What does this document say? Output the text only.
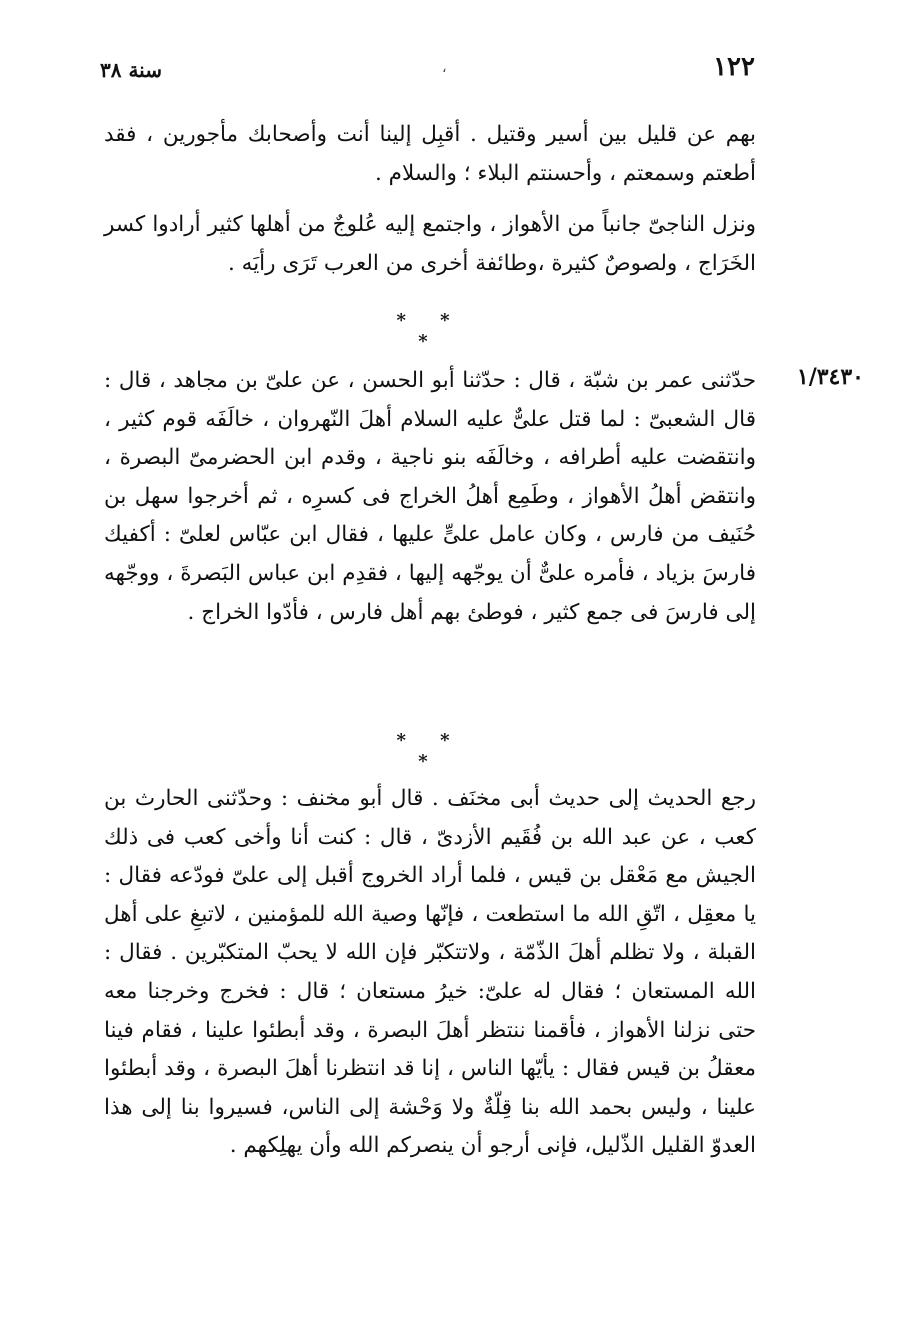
١٢٢
،
سنة ٣٨

بهم عن قليل بين أسير وقتيل . أقبِل إلينا أنت وأصحابك مأجورين ، فقد أطعتم وسمعتم ، وأحسنتم البلاء ؛ والسلام .

ونزل الناجىّ جانباً من الأهواز ، واجتمع إليه عُلوجٌ من أهلها كثير أرادوا كسر الخَرَاج ، ولصوصٌ كثيرة ،وطائفة أخرى من العرب تَرَى رأيَه .

* * *
١/٣٤٣٠

حدّثنى عمر بن شبّة ، قال : حدّثنا أبو الحسن ، عن علىّ بن مجاهد ، قال : قال الشعبىّ : لما قتل علىٌّ عليه السلام أهلَ النّهروان ، خالَفَه قوم كثير ، وانتقضت عليه أطرافه ، وخالَفَه بنو ناجية ، وقدم ابن الحضرمىّ البصرة ، وانتقض أهلُ الأهواز ، وطَمِع أهلُ الخراج فى كسرِه ، ثم أخرجوا سهل بن حُنَيف من فارس ، وكان عامل علىٍّ عليها ، فقال ابن عبّاس لعلىّ : أكفيك فارسَ بزياد ، فأمره علىٌّ أن يوجّهه إليها ، فقدِم ابن عباس البَصرةَ ، ووجّهه إلى فارسَ فى جمع كثير ، فوطئ بهم أهل فارس ، فأدّوا الخراج .

* * *

رجع الحديث إلى حديث أبى مخنَف . قال أبو مخنف : وحدّثنى الحارث بن كعب ، عن عبد الله بن فُقَيم الأزدىّ ، قال : كنت أنا وأخى كعب فى ذلك الجيش مع مَعْقل بن قيس ، فلما أراد الخروج أقبل إلى علىّ فودّعه فقال : يا معقِل ، اتّقِ الله ما استطعت ، فإنّها وصية الله للمؤمنين ، لاتبغِ على أهل القبلة ، ولا تظلم أهلَ الذّمّة ، ولاتتكبّر فإن الله لا يحبّ المتكبّرين . فقال : الله المستعان ؛ فقال له علىّ: خيرُ مستعان ؛ قال : فخرج وخرجنا معه حتى نزلنا الأهواز ، فأقمنا ننتظر أهلَ البصرة ، وقد أبطئوا علينا ، فقام فينا معقلُ بن قيس فقال : يأيّها الناس ، إنا قد انتظرنا أهلَ البصرة ، وقد أبطئوا علينا ، وليس بحمد الله بنا قِلّةٌ ولا وَحْشة إلى الناس، فسيروا بنا إلى هذا العدوّ القليل الذّليل، فإنى أرجو أن ينصركم الله وأن يهلِكهم .
